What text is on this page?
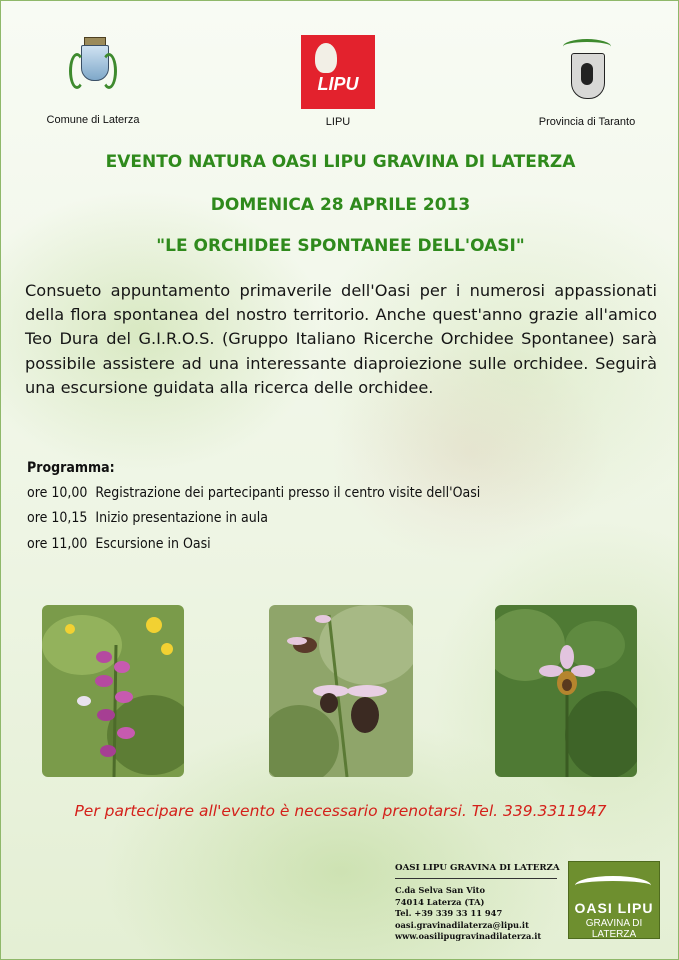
Comune di Laterza
LIPU
LIPU	Provincia di Taranto
EVENTO NATURA OASI LIPU GRAVINA DI LATERZA
DOMENICA 28 APRILE 2013
"LE ORCHIDEE SPONTANEE DELL'OASI"

Consueto appuntamento primaverile dell'Oasi per i numerosi appassionati della flora spontanea del nostro territorio. Anche quest'anno grazie all'amico Teo Dura del G.I.R.O.S. (Gruppo Italiano Ricerche Orchidee Spontanee) sarà possibile assistere ad una interessante diaproiezione sulle orchidee. Seguirà una escursione guidata alla ricerca delle orchidee.

Programma:
ore 10,00 Registrazione dei partecipanti presso il centro visite dell'Oasi
ore 10,15 Inizio presentazione in aula
ore 11,00 Escursione in Oasi
Per partecipare all'evento è necessario prenotarsi. Tel. 339.3311947
OASI LIPU GRAVINA DI LATERZA
C.da Selva San Vito
74014 Laterza (TA)
Tel. +39 339 33 11 947
oasi.gravinadilaterza@lipu.it
www.oasilipugravinadilaterza.it
OASI LIPU
GRAVINA DI LATERZA
